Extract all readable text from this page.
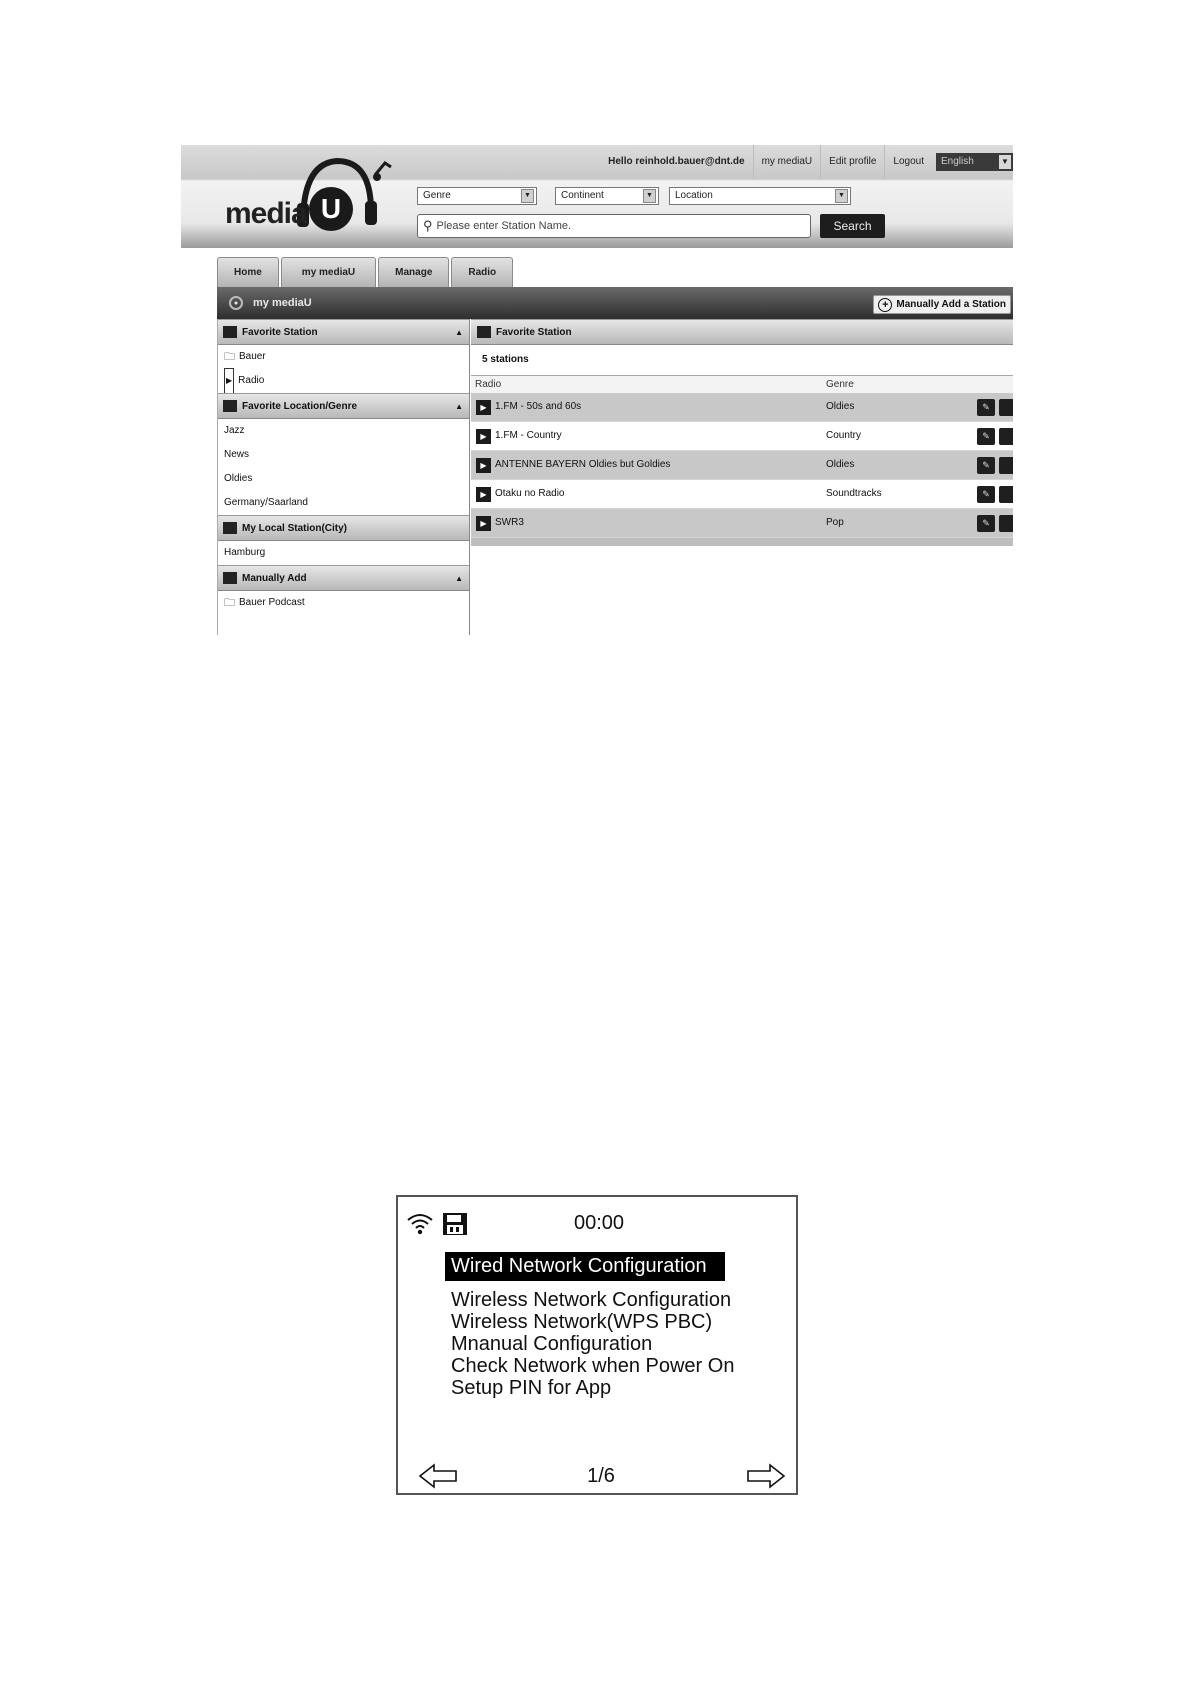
Hello reinhold.bauer@dnt.de	my mediaU	Edit profile	Logout	English	▼
media U	Genre	▼	Continent	▼	Location	▼
⚲ Please enter Station Name.	Search
Home	my mediaU	Manage	Radio
●	my mediaU	+ Manually Add a Station
Favorite Station	▲
🗀 Bauer
▶ Radio
Favorite Location/Genre	▲
Jazz
News
Oldies
Germany/Saarland
My Local Station(City)
Hamburg
Manually Add	▲
🗀 Bauer Podcast
Favorite Station
5 stations
Radio	Genre
▶ 1.FM - 50s and 60s	Oldies	✎
▶ 1.FM - Country	Country	✎
▶ ANTENNE BAYERN Oldies but Goldies	Oldies	✎
▶ Otaku no Radio	Soundtracks	✎
▶ SWR3	Pop	✎
00:00
Wired Network Configuration
Wireless Network Configuration
Wireless Network(WPS PBC)
Mnanual Configuration
Check Network when Power On
Setup PIN for App
1/6
